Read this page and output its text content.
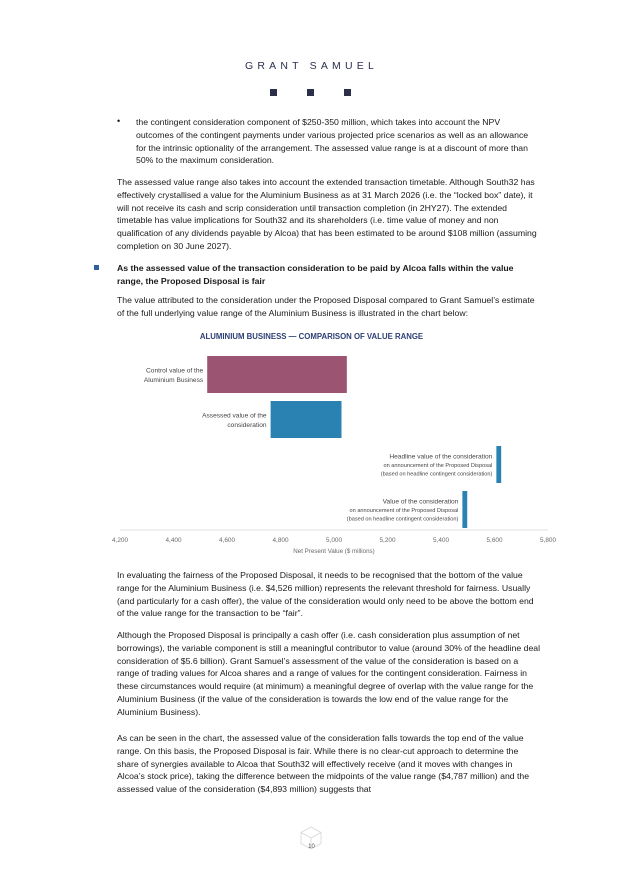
GRANT SAMUEL
• the contingent consideration component of $250-350 million, which takes into account the NPV outcomes of the contingent payments under various projected price scenarios as well as an allowance for the intrinsic optionality of the arrangement. The assessed value range is at a discount of more than 50% to the maximum consideration.

The assessed value range also takes into account the extended transaction timetable. Although South32 has effectively crystallised a value for the Aluminium Business as at 31 March 2026 (i.e. the “locked box” date), it will not receive its cash and scrip consideration until transaction completion (in 2HY27). The extended timetable has value implications for South32 and its shareholders (i.e. time value of money and non qualification of any dividends payable by Alcoa) that has been estimated to be around $108 million (assuming completion on 30 June 2027).

As the assessed value of the transaction consideration to be paid by Alcoa falls within the value range, the Proposed Disposal is fair

The value attributed to the consideration under the Proposed Disposal compared to Grant Samuel’s estimate of the full underlying value range of the Aluminium Business is illustrated in the chart below:

ALUMINIUM BUSINESS — COMPARISON OF VALUE RANGE
Control value of the
Aluminium Business
Assessed value of the
consideration
Headline value of the consideration
on announcement of the Proposed Disposal
(based on headline contingent consideration)
Value of the consideration
on announcement of the Proposed Disposal
(based on headline contingent consideration)
4,200	4,400	4,600	4,800	5,000	5,200	5,400	5,600	5,800
Net Present Value ($ millions)

In evaluating the fairness of the Proposed Disposal, it needs to be recognised that the bottom of the value range for the Aluminium Business (i.e. $4,526 million) represents the relevant threshold for fairness. Usually (and particularly for a cash offer), the value of the consideration would only need to be above the bottom end of the value range for the transaction to be “fair”.

Although the Proposed Disposal is principally a cash offer (i.e. cash consideration plus assumption of net borrowings), the variable component is still a meaningful contributor to value (around 30% of the headline deal consideration of $5.6 billion). Grant Samuel’s assessment of the value of the consideration is based on a range of trading values for Alcoa shares and a range of values for the contingent consideration. Fairness in these circumstances would require (at minimum) a meaningful degree of overlap with the value range for the Aluminium Business (if the value of the consideration is towards the low end of the value range for the Aluminium Business).

As can be seen in the chart, the assessed value of the consideration falls towards the top end of the value range. On this basis, the Proposed Disposal is fair. While there is no clear-cut approach to determine the share of synergies available to Alcoa that South32 will effectively receive (and it moves with changes in Alcoa’s stock price), taking the difference between the midpoints of the value range ($4,787 million) and the assessed value of the consideration ($4,893 million) suggests that

10
